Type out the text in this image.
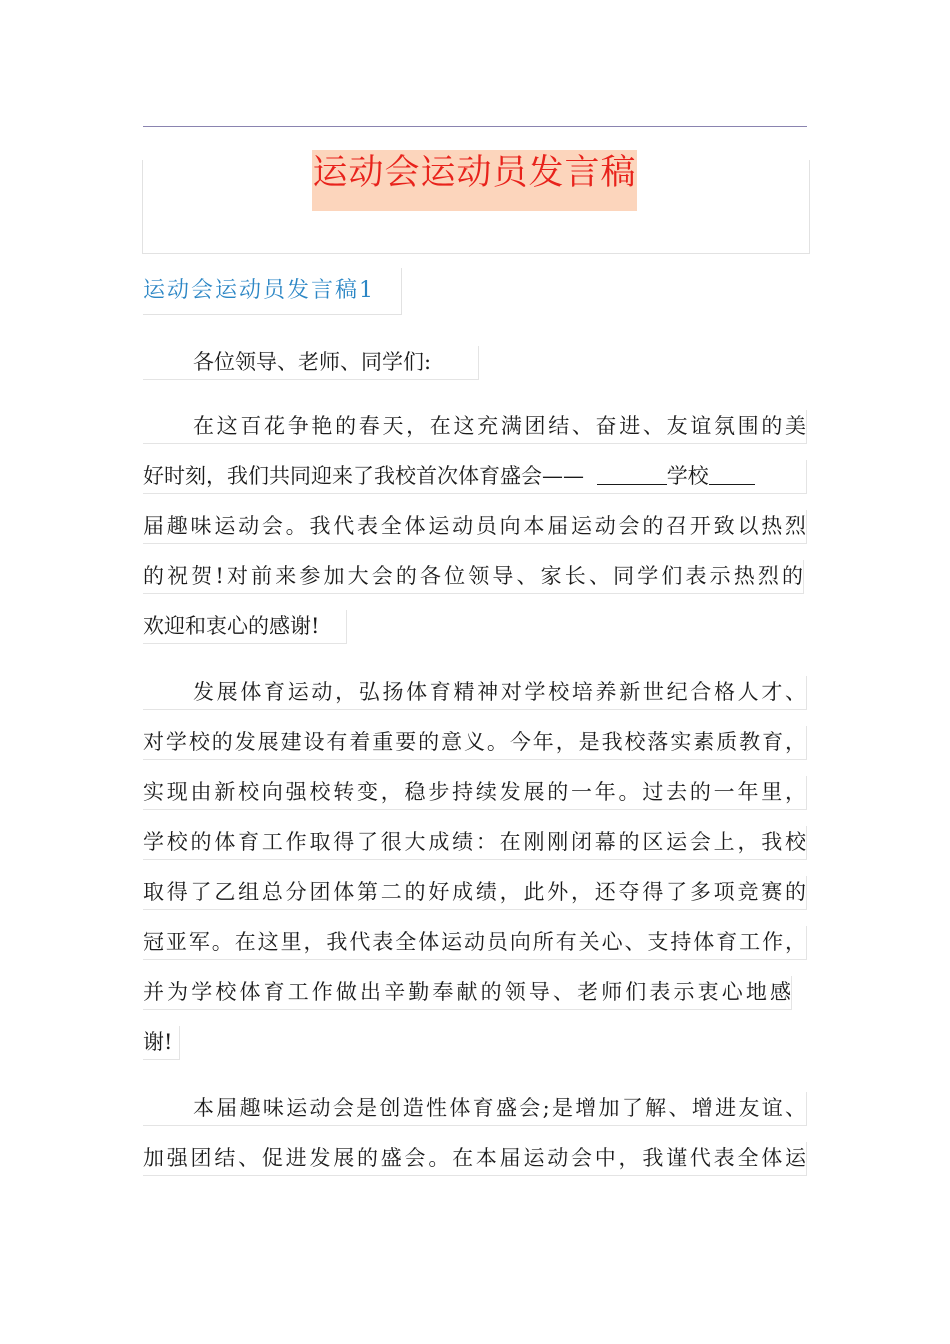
运动会运动员发言稿
运动会运动员发言稿1
各位领导、老师、同学们:
在这百花争艳的春天，在这充满团结、奋进、友谊氛围的美
好时刻，我们共同迎来了我校首次体育盛会——	学校
届趣味运动会。我代表全体运动员向本届运动会的召开致以热烈
的祝贺!对前来参加大会的各位领导、家长、同学们表示热烈的
欢迎和衷心的感谢!
发展体育运动，弘扬体育精神对学校培养新世纪合格人才、
对学校的发展建设有着重要的意义。今年，是我校落实素质教育，
实现由新校向强校转变，稳步持续发展的一年。过去的一年里，
学校的体育工作取得了很大成绩：在刚刚闭幕的区运会上，我校
取得了乙组总分团体第二的好成绩，此外，还夺得了多项竞赛的
冠亚军。在这里，我代表全体运动员向所有关心、支持体育工作，
并为学校体育工作做出辛勤奉献的领导、老师们表示衷心地感
谢!
本届趣味运动会是创造性体育盛会;是增加了解、增进友谊、
加强团结、促进发展的盛会。在本届运动会中，我谨代表全体运
